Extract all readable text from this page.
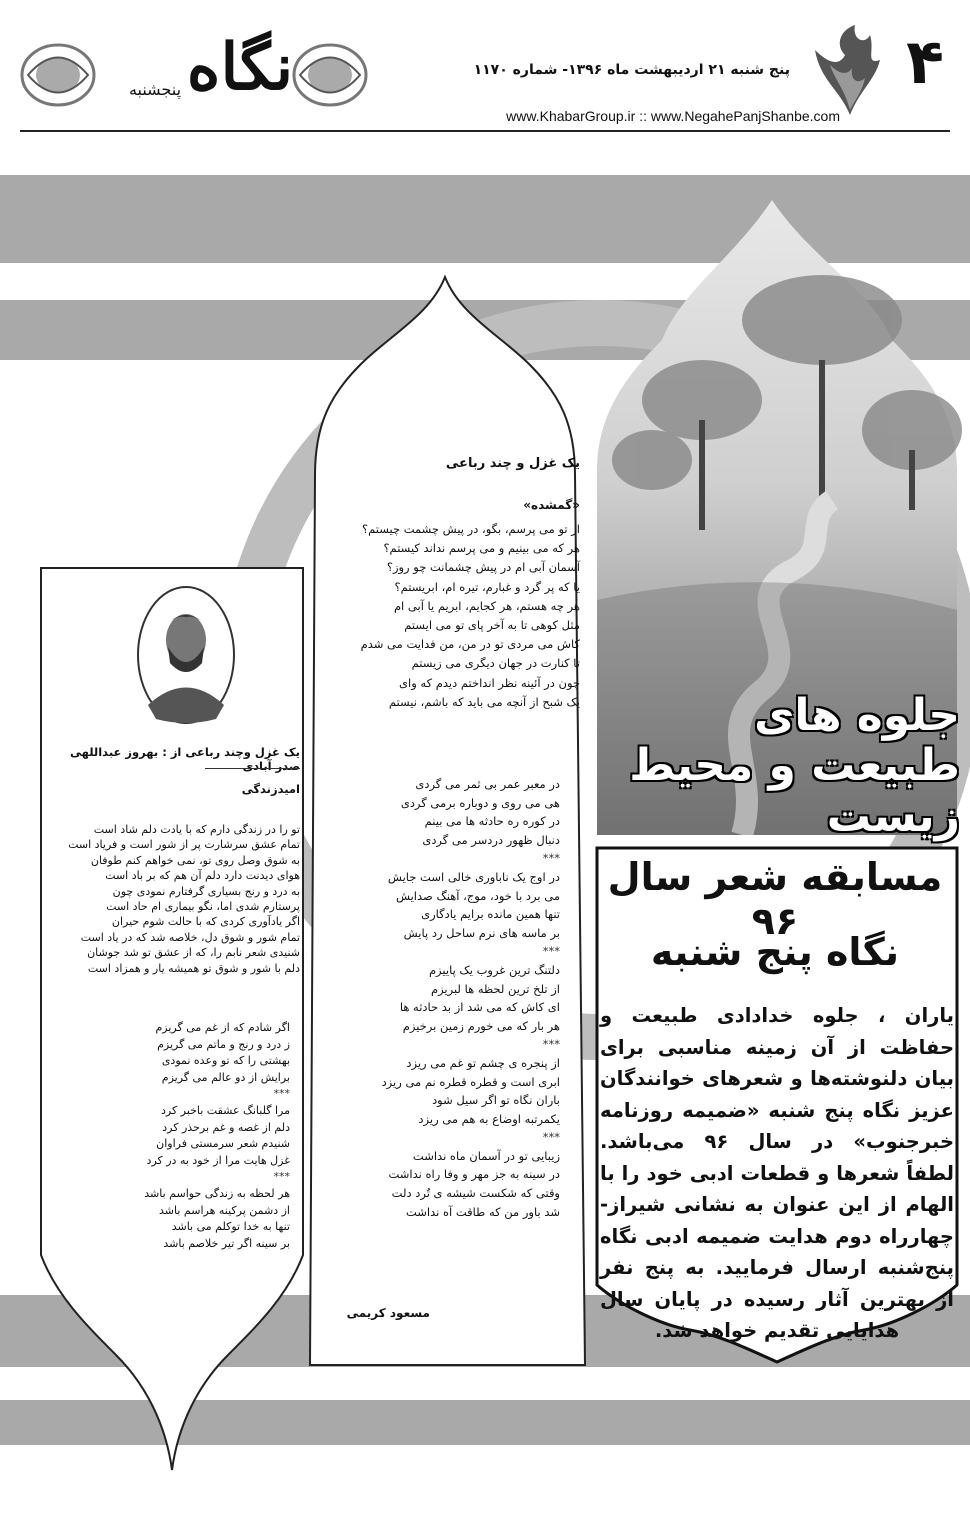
۴
نگاه
پنجشنبه
پنج شنبه ۲۱ اردیبهشت ماه ۱۳۹۶- شماره ۱۱۷۰
www.KhabarGroup.ir :: www.NegahePanjShanbe.com
جلوه های
طبیعت و محیط زیست
مسابقه شعر سال ۹۶
نگاه پنج شنبه
یاران ، جلوه خدادادی طبیعت و حفاظت از آن زمینه مناسبی برای بیان دلنوشته‌ها و شعرهای خوانندگان عزیز نگاه پنج شنبه «ضمیمه روزنامه خبرجنوب» در سال ۹۶ می‌باشد. لطفاً شعرها و قطعات ادبی خود را با الهام از این عنوان به نشانی شیراز- چهارراه دوم هدایت ضمیمه ادبی نگاه پنج‌شنبه ارسال فرمایید. به پنج نفر از بهترین آثار رسیده در پایان سال هدایایی تقدیم خواهد شد.
یک غزل و چند رباعی
«گمشده»
از تو می پرسم، بگو، در پیش چشمت چیستم؟
هر که می بینیم و می پرسم نداند کیستم؟
آسمان آبی ام در پیش چشمانت چو روز؟
یا که پر گرد و غبارم، تیره ام، ابریستم؟
هر چه هستم، هر کجایم، ابریم یا آبی ام
مثل کوهی تا به آخر پای تو می ایستم
کاش می مردی تو در من، من فدایت می شدم
تا کنارت در جهان دیگری می زیستم
چون در آئینه نظر انداختم دیدم که وای
یک شبح از آنچه می باید که باشم، نیستم
در معبر عمر بی ثمر می گردی
هی می روی و دوباره برمی گردی
در کوره ره حادثه ها می بینم
دنبال ظهور دردسر می گردی
***
در اوج یک ناباوری خالی است جایش
می برد با خود، موج، آهنگ صدایش
تنها همین مانده برایم یادگاری
بر ماسه های نرم ساحل رد پایش
***
دلتنگ ترین غروب یک پاییزم
از تلخ ترین لحظه ها لبریزم
ای کاش که می شد از بد حادثه ها
هر بار که می خورم زمین برخیزم
***
از پنجره ی چشم تو غم می ریزد
ابری است و قطره قطره نم می ریزد
باران نگاه تو اگر سیل شود
یکمرتبه اوضاع به هم می ریزد
***
زیبایی تو در آسمان ماه نداشت
در سینه به جز مهر و وفا راه نداشت
وقتی که شکست شیشه ی تُرد دلت
شد باور من که طاقت آه نداشت
مسعود کریمی
یک غزل وچند رباعی از : بهروز عبداللهی صدر آبادی
امیدزندگی
تو را در زندگی دارم که با یادت دلم شاد است
تمام عشق سرشارت پر از شور است و فریاد است
به شوق وصل روی تو، نمی خواهم کنم طوفان
هوای دیدنت دارد دلم آن هم که بر باد است
به درد و رنج بسیاری گرفتارم نمودی چون
پرستارم شدی اما، نگو بیماری ام حاد است
اگر یادآوری کردی که با حالت شوم حیران
تمام شور و شوق دل، خلاصه شد که در یاد است
شنیدی شعر نابم را، که از عشق تو شد جوشان
دلم با شور و شوق تو همیشه یار و همزاد است
اگر شادم که از غم می گریزم
ز درد و رنج و ماتم می گریزم
بهشتی را که تو وعده نمودی
برایش از دو عالم می گریزم
***
مرا گلبانگ عشقت باخبر کرد
دلم از غصه و غم برحذر کرد
شنیدم شعر سرمستی فراوان
غزل هایت مرا از خود به در کرد
***
هر لحظه به زندگی حواسم باشد
از دشمن پرکینه هراسم باشد
تنها به خدا توکلم می باشد
بر سینه اگر تیر خلاصم باشد
